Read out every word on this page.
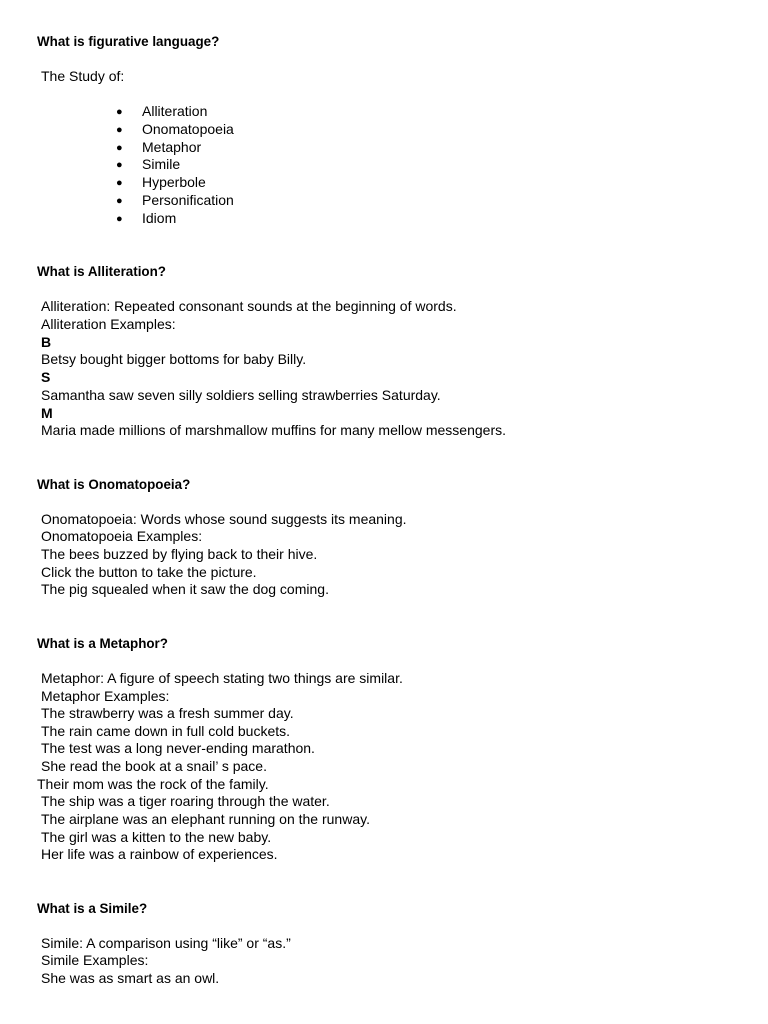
What is figurative language?
The Study of:
● Alliteration
● Onomatopoeia
● Metaphor
● Simile
● Hyperbole
● Personification
● Idiom
What is Alliteration?
Alliteration: Repeated consonant sounds at the beginning of words.
Alliteration Examples:
B
Betsy bought bigger bottoms for baby Billy.
S
Samantha saw seven silly soldiers selling strawberries Saturday.
M
Maria made millions of marshmallow muffins for many mellow messengers.
What is Onomatopoeia?
Onomatopoeia: Words whose sound suggests its meaning.
Onomatopoeia Examples:
The bees buzzed by flying back to their hive.
Click the button to take the picture.
The pig squealed when it saw the dog coming.
What is a Metaphor?
Metaphor: A figure of speech stating two things are similar.
Metaphor Examples:
The strawberry was a fresh summer day.
The rain came down in full cold buckets.
The test was a long never-ending marathon.
She read the book at a snail’ s pace.
Their mom was the rock of the family.
The ship was a tiger roaring through the water.
The airplane was an elephant running on the runway.
The girl was a kitten to the new baby.
Her life was a rainbow of experiences.
What is a Simile?
Simile: A comparison using “like” or “as.”
Simile Examples:
She was as smart as an owl.
